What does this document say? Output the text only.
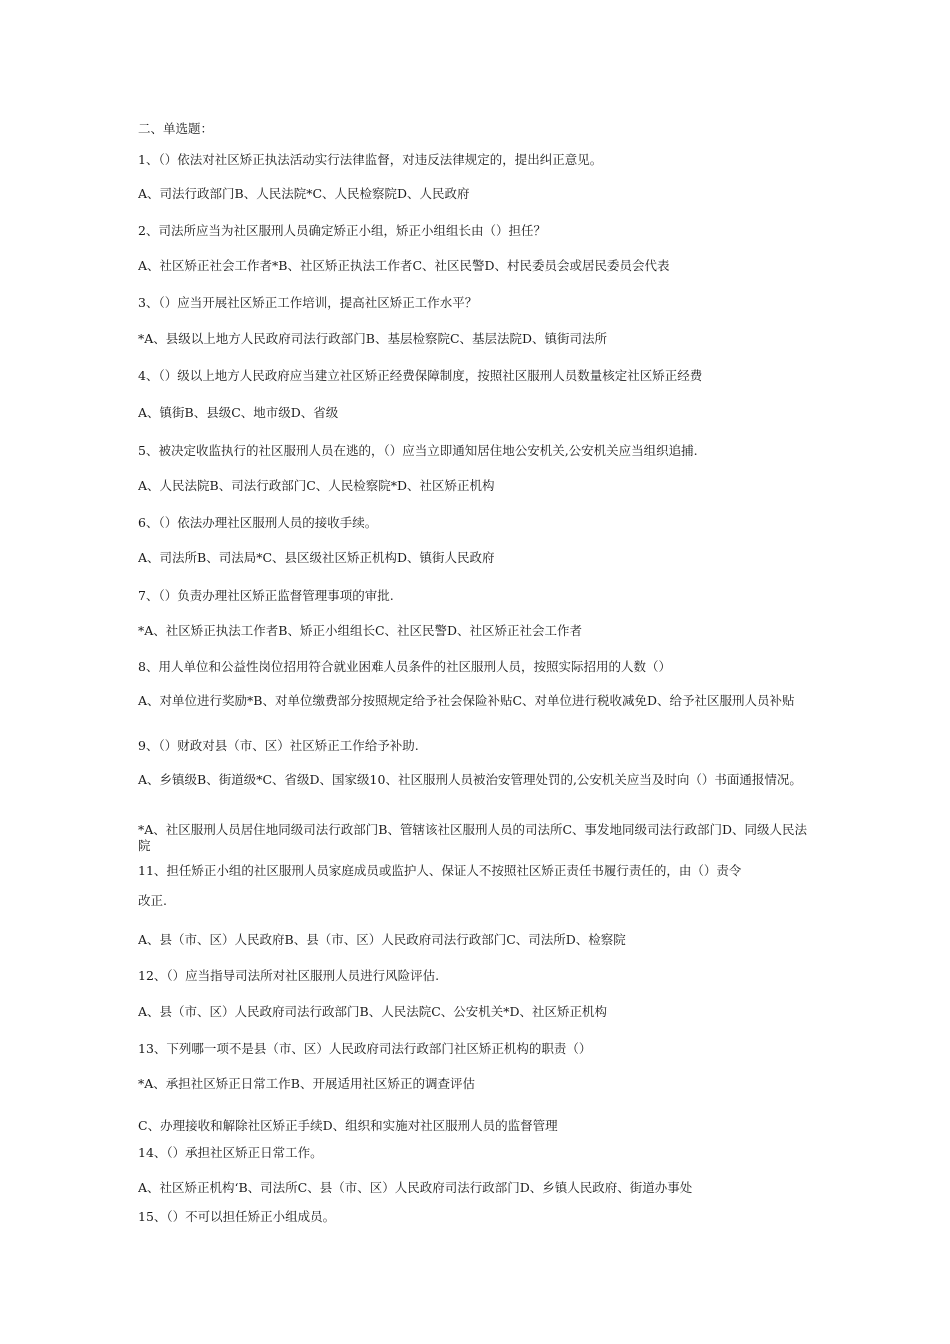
二、单选题：
1、（）依法对社区矫正执法活动实行法律监督，对违反法律规定的，提出纠正意见。
A、司法行政部门B、人民法院*C、人民检察院D、人民政府
2、司法所应当为社区服刑人员确定矫正小组，矫正小组组长由（）担任？
A、社区矫正社会工作者*B、社区矫正执法工作者C、社区民警D、村民委员会或居民委员会代表
3、（）应当开展社区矫正工作培训，提高社区矫正工作水平？
*A、县级以上地方人民政府司法行政部门B、基层检察院C、基层法院D、镇街司法所
4、（）级以上地方人民政府应当建立社区矫正经费保障制度，按照社区服刑人员数量核定社区矫正经费
A、镇街B、县级C、地市级D、省级
5、被决定收监执行的社区服刑人员在逃的，（）应当立即通知居住地公安机关,公安机关应当组织追捕.
A、人民法院B、司法行政部门C、人民检察院*D、社区矫正机构
6、（）依法办理社区服刑人员的接收手续。
A、司法所B、司法局*C、县区级社区矫正机构D、镇街人民政府
7、（）负责办理社区矫正监督管理事项的审批.
*A、社区矫正执法工作者B、矫正小组组长C、社区民警D、社区矫正社会工作者
8、用人单位和公益性岗位招用符合就业困难人员条件的社区服刑人员，按照实际招用的人数（）
A、对单位进行奖励*B、对单位缴费部分按照规定给予社会保险补贴C、对单位进行税收减免D、给予社区服刑人员补贴
9、（）财政对县（市、区）社区矫正工作给予补助.
A、乡镇级B、街道级*C、省级D、国家级10、社区服刑人员被治安管理处罚的,公安机关应当及时向（）书面通报情况。
*A、社区服刑人员居住地同级司法行政部门B、管辖该社区服刑人员的司法所C、事发地同级司法行政部门D、同级人民法院
11、担任矫正小组的社区服刑人员家庭成员或监护人、保证人不按照社区矫正责任书履行责任的，由（）责令
改正.
A、县（市、区）人民政府B、县（市、区）人民政府司法行政部门C、司法所D、检察院
12、（）应当指导司法所对社区服刑人员进行风险评估.
A、县（市、区）人民政府司法行政部门B、人民法院C、公安机关*D、社区矫正机构
13、下列哪一项不是县（市、区）人民政府司法行政部门社区矫正机构的职责（）
*A、承担社区矫正日常工作B、开展适用社区矫正的调查评估
C、办理接收和解除社区矫正手续D、组织和实施对社区服刑人员的监督管理
14、（）承担社区矫正日常工作。
A、社区矫正机构‘B、司法所C、县（市、区）人民政府司法行政部门D、乡镇人民政府、街道办事处
15、（）不可以担任矫正小组成员。
